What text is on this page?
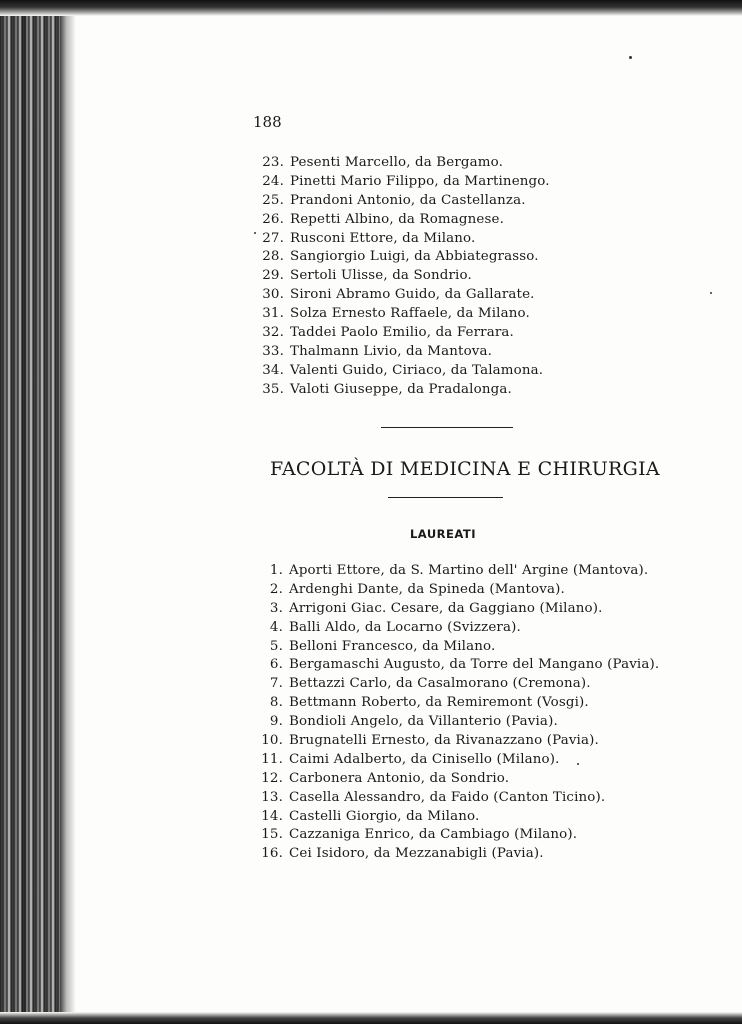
188
23. Pesenti Marcello, da Bergamo.
24. Pinetti Mario Filippo, da Martinengo.
25. Prandoni Antonio, da Castellanza.
26. Repetti Albino, da Romagnese.
27. Rusconi Ettore, da Milano.
28. Sangiorgio Luigi, da Abbiategrasso.
29. Sertoli Ulisse, da Sondrio.
30. Sironi Abramo Guido, da Gallarate.
31. Solza Ernesto Raffaele, da Milano.
32. Taddei Paolo Emilio, da Ferrara.
33. Thalmann Livio, da Mantova.
34. Valenti Guido, Ciriaco, da Talamona.
35. Valoti Giuseppe, da Pradalonga.
FACOLTÀ DI MEDICINA E CHIRURGIA
LAUREATI
1. Aporti Ettore, da S. Martino dell' Argine (Mantova).
2. Ardenghi Dante, da Spineda (Mantova).
3. Arrigoni Giac. Cesare, da Gaggiano (Milano).
4. Balli Aldo, da Locarno (Svizzera).
5. Belloni Francesco, da Milano.
6. Bergamaschi Augusto, da Torre del Mangano (Pavia).
7. Bettazzi Carlo, da Casalmorano (Cremona).
8. Bettmann Roberto, da Remiremont (Vosgi).
9. Bondioli Angelo, da Villanterio (Pavia).
10. Brugnatelli Ernesto, da Rivanazzano (Pavia).
11. Caimi Adalberto, da Cinisello (Milano).
12. Carbonera Antonio, da Sondrio.
13. Casella Alessandro, da Faido (Canton Ticino).
14. Castelli Giorgio, da Milano.
15. Cazzaniga Enrico, da Cambiago (Milano).
16. Cei Isidoro, da Mezzanabigli (Pavia).
